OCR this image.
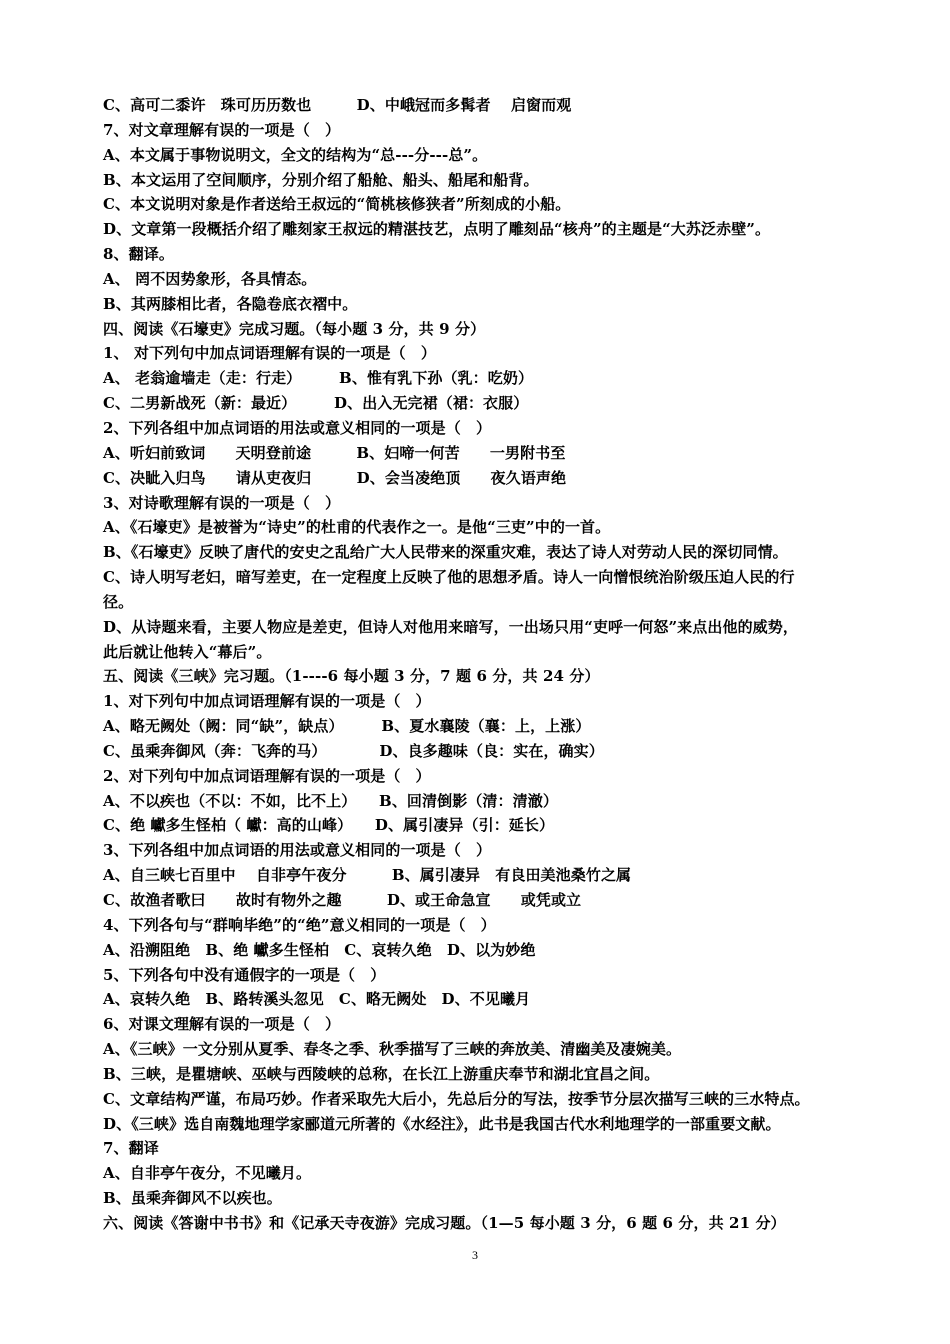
C、高可二黍许　珠可历历数也　　　D、中峨冠而多髯者　 启窗而观
7、对文章理解有误的一项是（　）
A、本文属于事物说明文，全文的结构为“总---分---总”。
B、本文运用了空间顺序，分别介绍了船舱、船头、船尾和船背。
C、本文说明对象是作者送给王叔远的“简桃核修狭者”所刻成的小船。
D、文章第一段概括介绍了雕刻家王叔远的精湛技艺，点明了雕刻品“核舟”的主题是“大苏泛赤壁”。
8、翻译。
A、 罔不因势象形，各具情态。
B、其两膝相比者，各隐卷底衣褶中。
四、阅读《石壕吏》完成习题。（每小题 3 分，共 9 分）
1、 对下列句中加点词语理解有误的一项是（　）
A、 老翁逾墙走（走：行走）　　　B、惟有乳下孙（乳：吃奶）
C、二男新战死（新：最近）　　　D、出入无完裙（裙：衣服）
2、下列各组中加点词语的用法或意义相同的一项是（　）
A、听妇前致词　　天明登前途　　　B、妇啼一何苦　　一男附书至
C、决眦入归鸟　　请从吏夜归　　　D、会当凌绝顶　　夜久语声绝
3、对诗歌理解有误的一项是（　）
A、《石壕吏》是被誉为“诗史”的杜甫的代表作之一。是他“三吏”中的一首。
B、《石壕吏》反映了唐代的安史之乱给广大人民带来的深重灾难，表达了诗人对劳动人民的深切同情。
C、诗人明写老妇，暗写差吏，在一定程度上反映了他的思想矛盾。诗人一向憎恨统治阶级压迫人民的行
径。
D、从诗题来看，主要人物应是差吏，但诗人对他用来暗写，一出场只用“吏呼一何怒”来点出他的威势，
此后就让他转入“幕后”。
五、阅读《三峡》完习题。（1----6 每小题 3 分，7 题 6 分，共 24 分）
1、对下列句中加点词语理解有误的一项是（　）
A、略无阙处（阙：同“缺”，缺点）　　　B、夏水襄陵（襄：上，上涨）
C、虽乘奔御风（奔：飞奔的马）　　　　D、良多趣味（良：实在，确实）
2、对下列句中加点词语理解有误的一项是（　）
A、不以疾也（不以：不如，比不上）　　B、回清倒影（清：清澈）
C、绝 巘多生怪柏（ 巘：高的山峰）　　D、属引凄异（引：延长）
3、下列各组中加点词语的用法或意义相同的一项是（　）
A、自三峡七百里中　 自非亭午夜分　　　B、属引凄异　有良田美池桑竹之属
C、故渔者歌曰　　故时有物外之趣　　　D、或王命急宣　　或凭或立
4、下列各句与“群响毕绝”的“绝”意义相同的一项是（　）
A、沿溯阻绝　B、绝 巘多生怪柏　C、哀转久绝　D、以为妙绝
5、下列各句中没有通假字的一项是（　）
A、哀转久绝　B、路转溪头忽见　C、略无阙处　D、不见曦月
6、对课文理解有误的一项是（　）
A、《三峡》一文分别从夏季、春冬之季、秋季描写了三峡的奔放美、清幽美及凄婉美。
B、三峡，是瞿塘峡、巫峡与西陵峡的总称，在长江上游重庆奉节和湖北宜昌之间。
C、文章结构严谨，布局巧妙。作者采取先大后小，先总后分的写法，按季节分层次描写三峡的三水特点。
D、《三峡》选自南魏地理学家郦道元所著的《水经注》，此书是我国古代水利地理学的一部重要文献。
7、翻译
A、自非亭午夜分，不见曦月。
B、虽乘奔御风不以疾也。
六、阅读《答谢中书书》和《记承天寺夜游》完成习题。（1—5 每小题 3 分，6 题 6 分，共 21 分）
3
